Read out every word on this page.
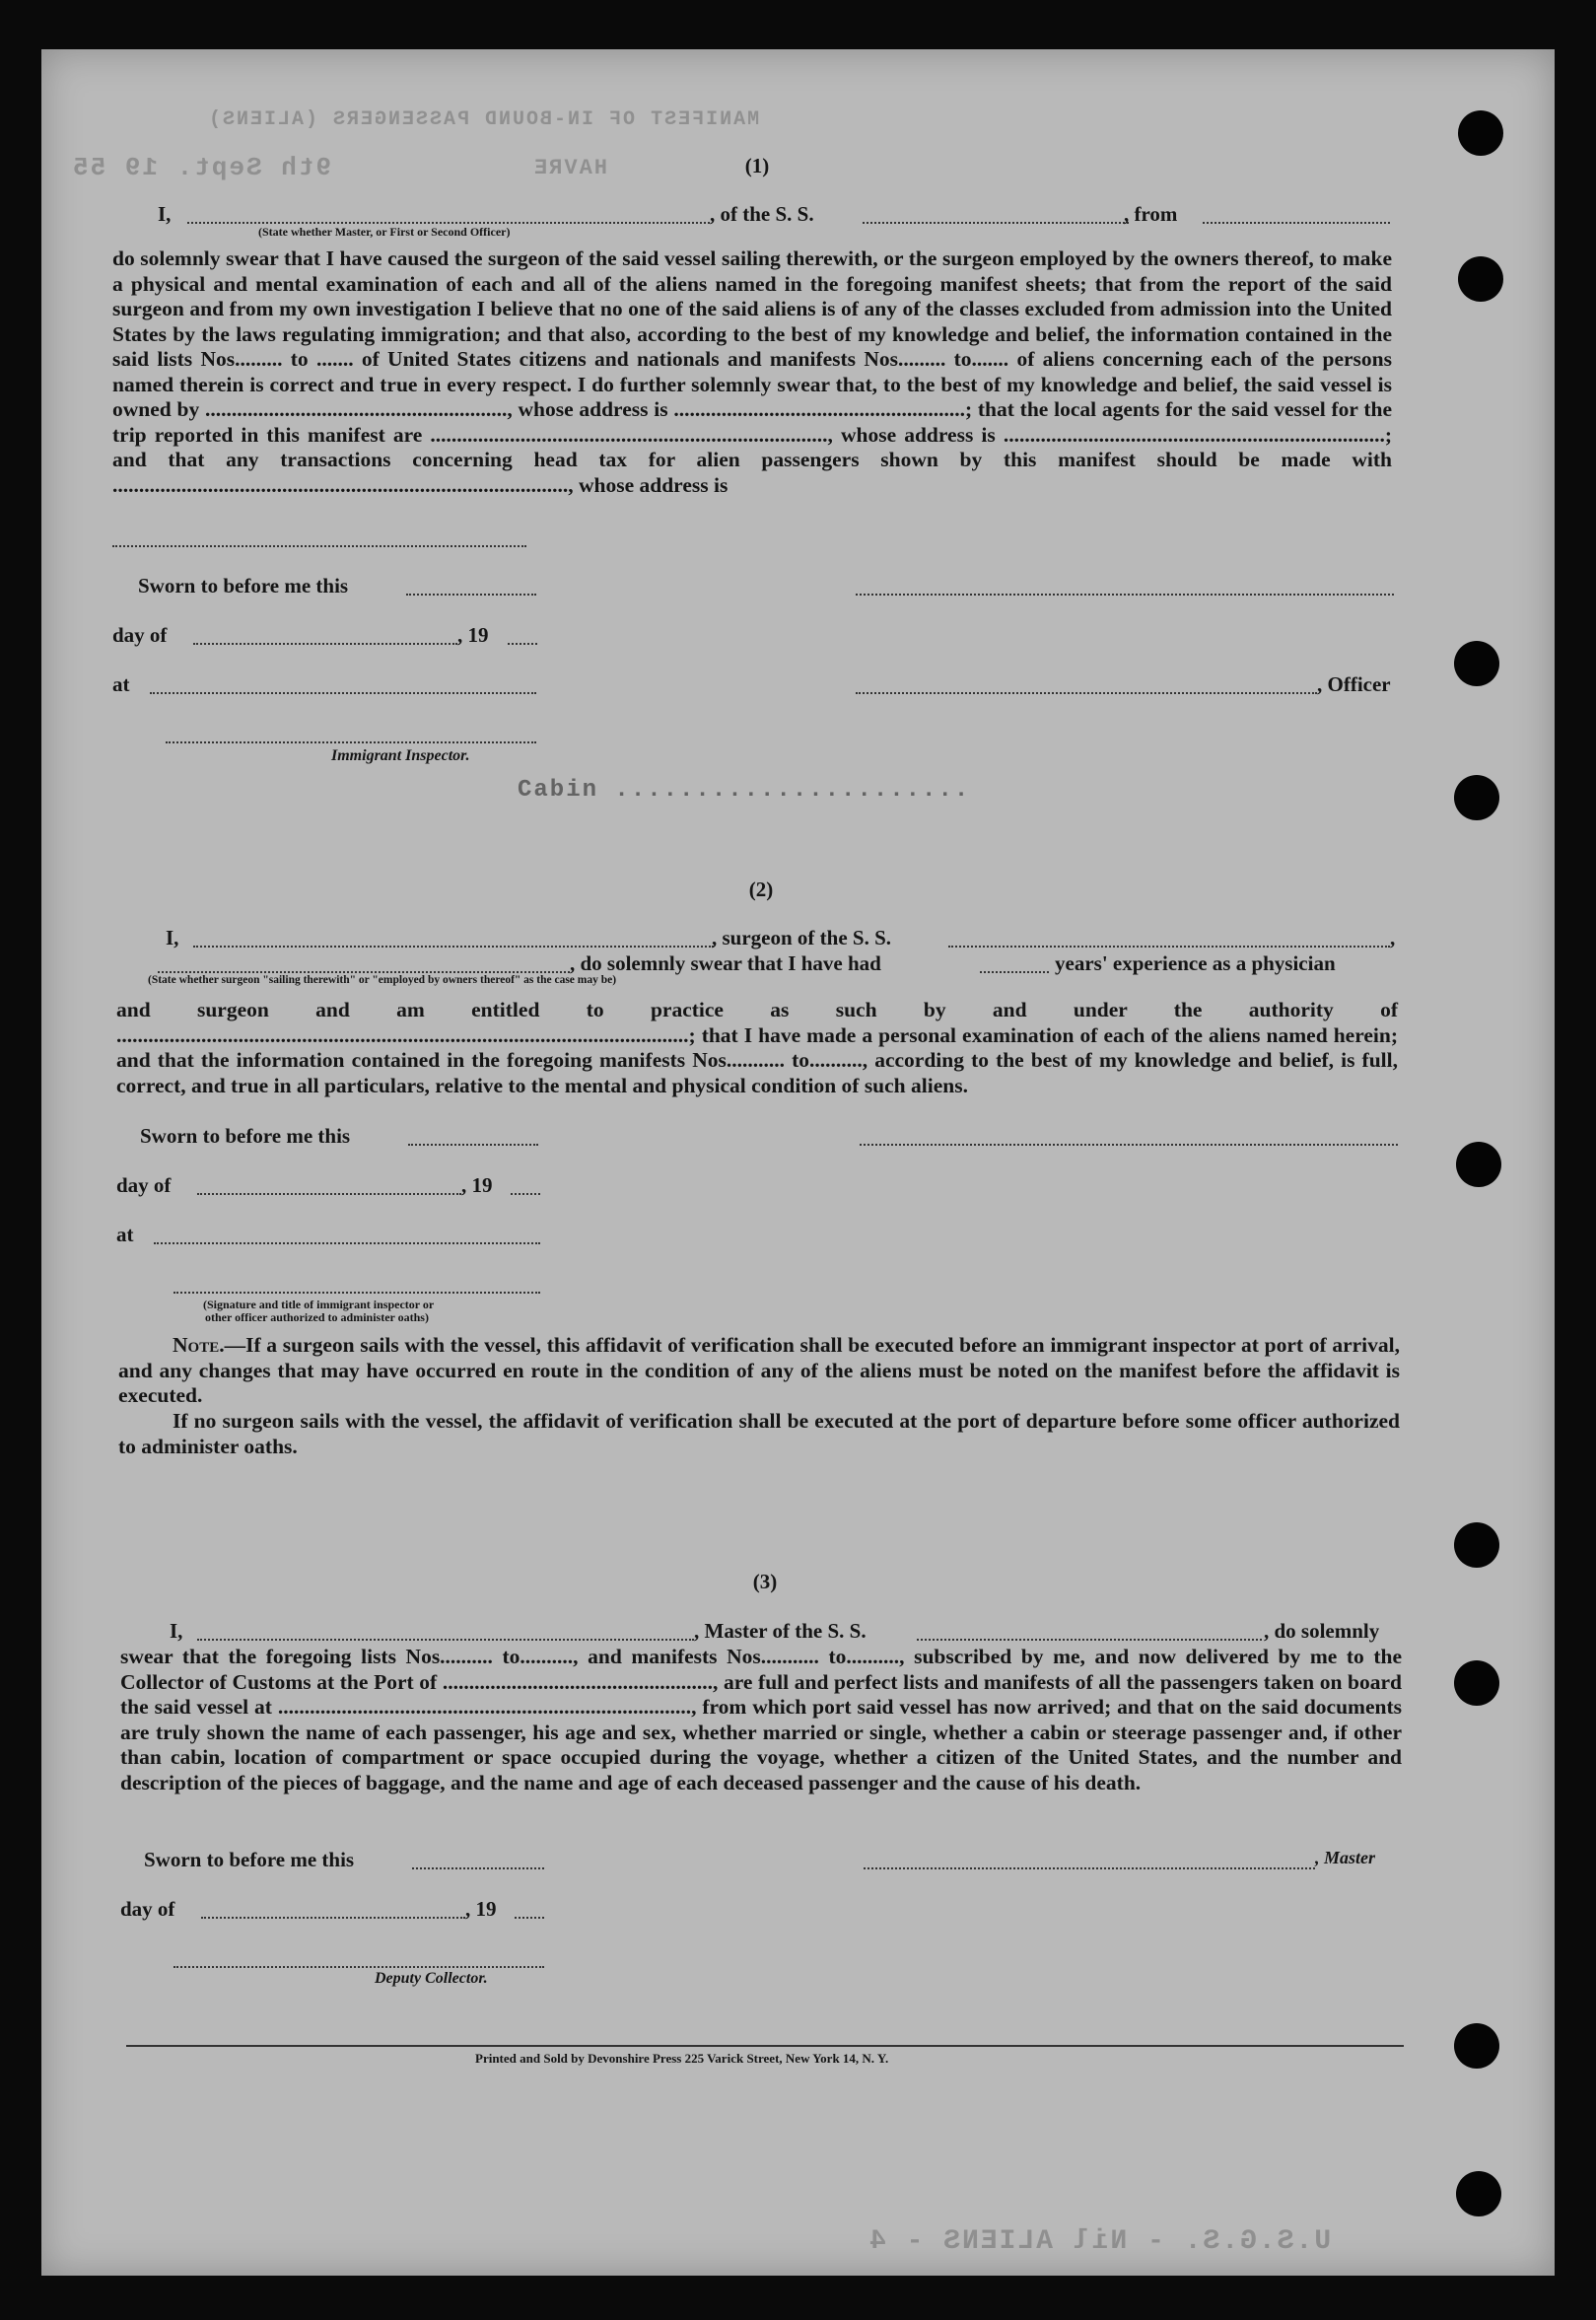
MANIFEST OF IN-BOUND PASSENGERS (ALIENS)
9th Sept. 19 55	HAVRE
Cabin ......................
U.S.G.S. - Nil ALIENS - 4
(1)
I,	, of the S. S.	, from
(State whether Master, or First or Second Officer)

do solemnly swear that I have caused the surgeon of the said vessel sailing therewith, or the surgeon employed by the owners thereof, to make a physical and mental examination of each and all of the aliens named in the foregoing manifest sheets; that from the report of the said surgeon and from my own investigation I believe that no one of the said aliens is of any of the classes excluded from admission into the United States by the laws regulating immigration; and that also, according to the best of my knowledge and belief, the information contained in the said lists Nos......... to ....... of United States citizens and nationals and manifests Nos......... to....... of aliens concerning each of the persons named therein is correct and true in every respect. I do further solemnly swear that, to the best of my knowledge and belief, the said vessel is owned by ........................................................., whose address is .......................................................; that the local agents for the said vessel for the trip reported in this manifest are ..........................................................................., whose address is ........................................................................; and that any transactions concerning head tax for alien passengers shown by this manifest should be made with ......................................................................................, whose address is

Sworn to before me this
day of	, 19
at	, Officer
Immigrant Inspector.
(2)
I,	, surgeon of the S. S.	,
, do solemnly swear that I have had	years' experience as a physician
(State whether surgeon "sailing therewith" or "employed by owners thereof" as the case may be)

and surgeon and am entitled to practice as such by and under the authority of ............................................................................................................; that I have made a personal examination of each of the aliens named herein; and that the information contained in the foregoing manifests Nos........... to.........., according to the best of my knowledge and belief, is full, correct, and true in all particulars, relative to the mental and physical condition of such aliens.

Sworn to before me this
day of	, 19
at
(Signature and title of immigrant inspector or
other officer authorized to administer oaths)

Note.—If a surgeon sails with the vessel, this affidavit of verification shall be executed before an immigrant inspector at port of arrival, and any changes that may have occurred en route in the condition of any of the aliens must be noted on the manifest before the affidavit is executed.

If no surgeon sails with the vessel, the affidavit of verification shall be executed at the port of departure before some officer authorized to administer oaths.

(3)
I,	, Master of the S. S.	, do solemnly

swear that the foregoing lists Nos.......... to.........., and manifests Nos........... to.........., subscribed by me, and now delivered by me to the Collector of Customs at the Port of ..................................................., are full and perfect lists and manifests of all the passengers taken on board the said vessel at .............................................................................., from which port said vessel has now arrived; and that on the said documents are truly shown the name of each passenger, his age and sex, whether married or single, whether a cabin or steerage passenger and, if other than cabin, location of compartment or space occupied during the voyage, whether a citizen of the United States, and the number and description of the pieces of baggage, and the name and age of each deceased passenger and the cause of his death.

Sworn to before me this	, Master
day of	, 19
Deputy Collector.
Printed and Sold by Devonshire Press 225 Varick Street, New York 14, N. Y.
